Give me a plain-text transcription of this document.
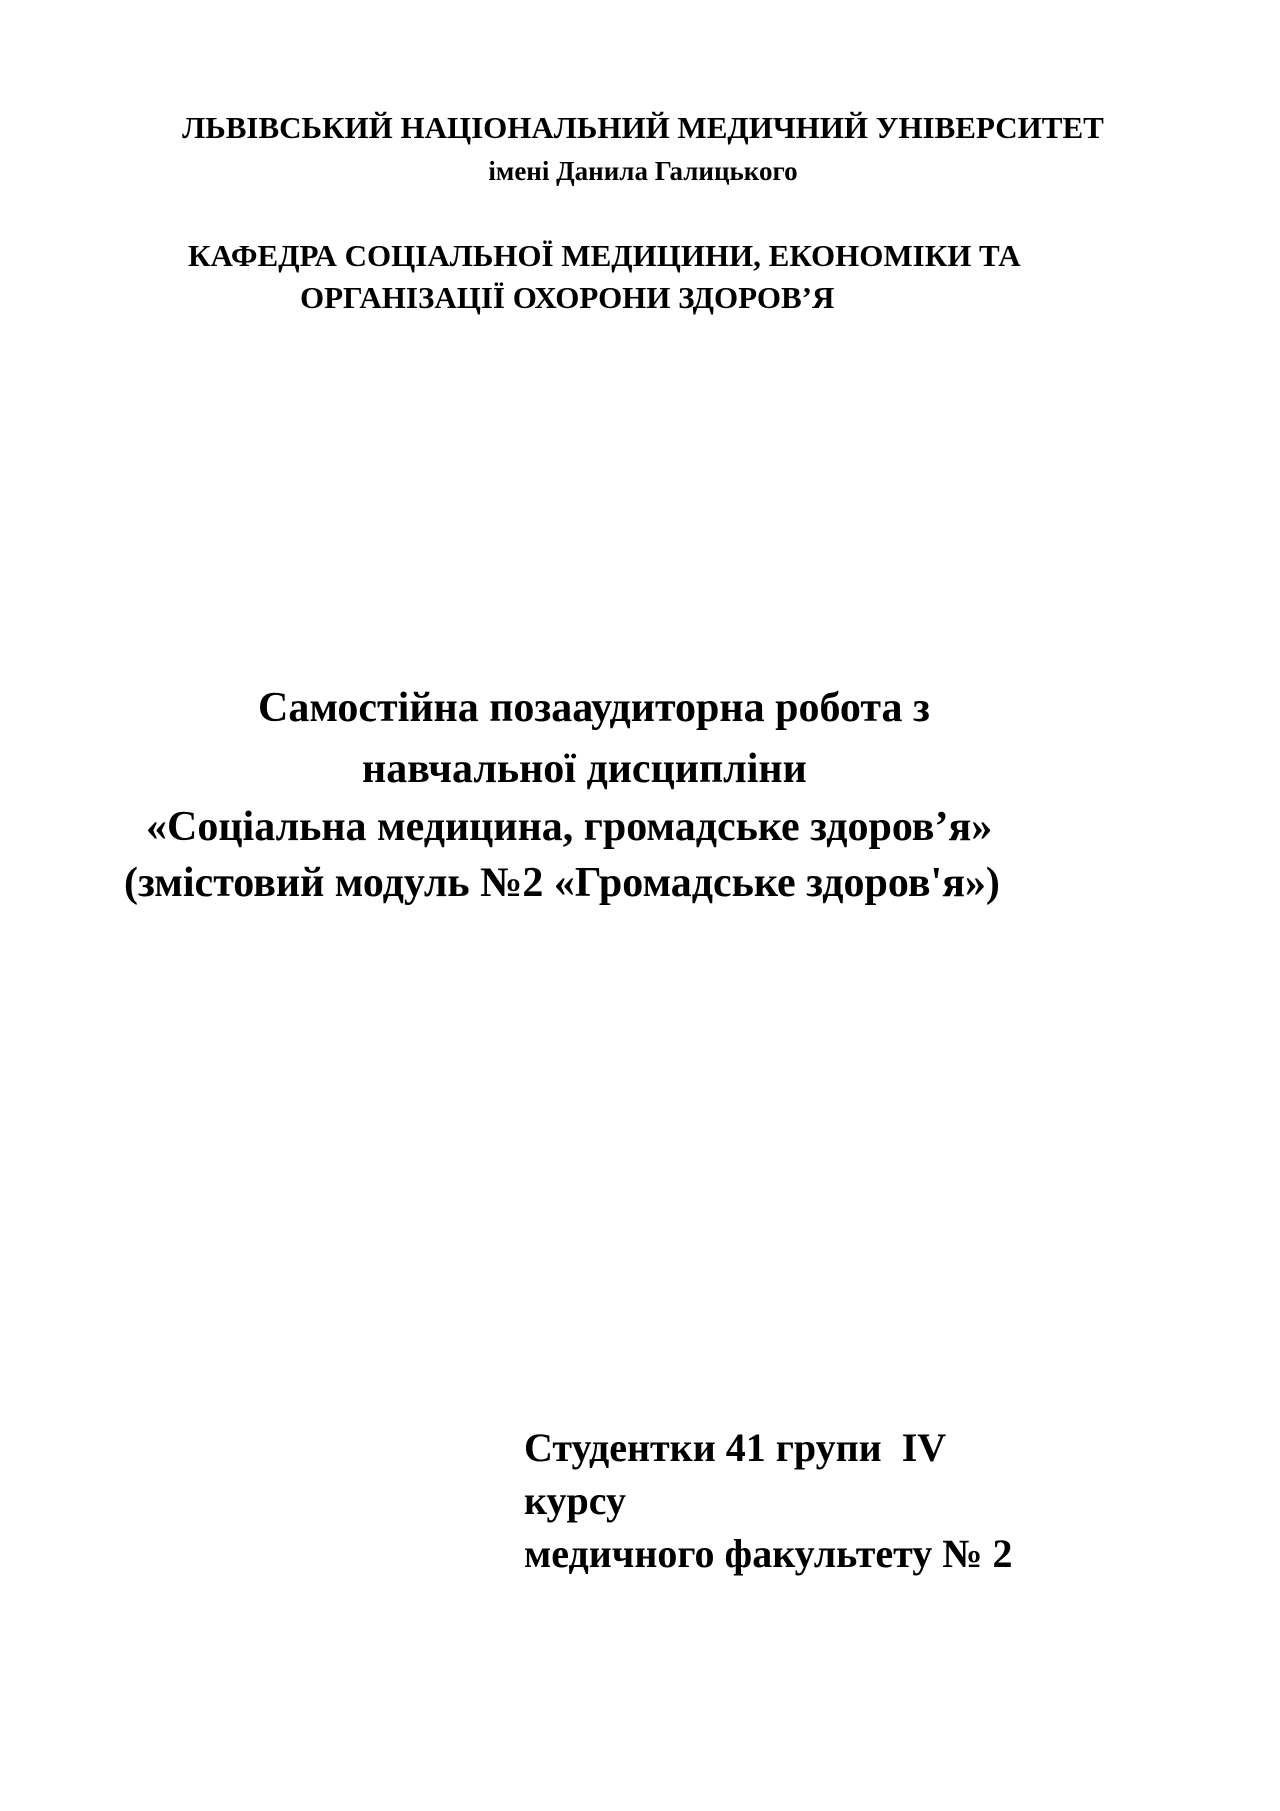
ЛЬВІВСЬКИЙ НАЦІОНАЛЬНИЙ МЕДИЧНИЙ УНІВЕРСИТЕТ
імені Данила Галицького
КАФЕДРА СОЦІАЛЬНОЇ МЕДИЦИНИ, ЕКОНОМІКИ ТА
ОРГАНІЗАЦІЇ ОХОРОНИ ЗДОРОВ’Я
Самостійна позааудиторна робота з
навчальної дисципліни
«Соціальна медицина, громадське здоров’я»
(змістовий модуль №2 «Громадське здоров'я»)
Студентки 41 групи  IV
курсу
медичного факультету № 2
